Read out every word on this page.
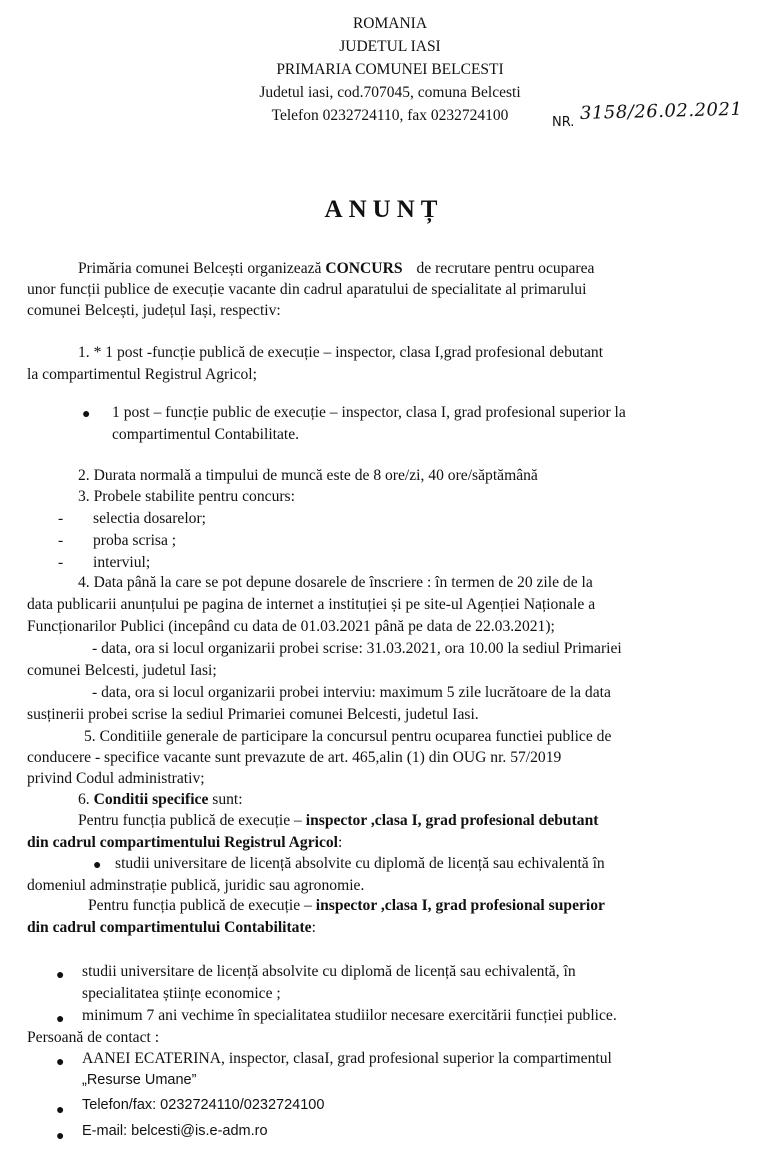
ROMANIA
JUDETUL IASI
PRIMARIA COMUNEI BELCESTI
Judetul iasi, cod.707045, comuna Belcesti
Telefon 0232724110, fax 0232724100	NR. 3158/26.02.2021
ANUNȚ
Primăria comunei Belcești organizează CONCURS de recrutare pentru ocuparea
unor funcții publice de execuție vacante din cadrul aparatului de specialitate al primarului
comunei Belcești, județul Iași, respectiv:
1. * 1 post -funcție publică de execuție – inspector, clasa I,grad profesional debutant
la compartimentul Registrul Agricol;
● 1 post – funcție public de execuție – inspector, clasa I, grad profesional superior la
compartimentul Contabilitate.
2. Durata normală a timpului de muncă este de 8 ore/zi, 40 ore/săptămână
3. Probele stabilite pentru concurs:
- selectia dosarelor;
- proba scrisa ;
- interviul;
4. Data până la care se pot depune dosarele de înscriere : în termen de 20 zile de la
data publicarii anunțului pe pagina de internet a instituției și pe site-ul Agenției Naționale a
Funcționarilor Publici (incepând cu data de 01.03.2021 până pe data de 22.03.2021);
- data, ora si locul organizarii probei scrise: 31.03.2021, ora 10.00 la sediul Primariei
comunei Belcesti, judetul Iasi;
- data, ora si locul organizarii probei interviu: maximum 5 zile lucrătoare de la data
susținerii probei scrise la sediul Primariei comunei Belcesti, judetul Iasi.
5. Conditiile generale de participare la concursul pentru ocuparea functiei publice de
conducere - specifice vacante sunt prevazute de art. 465,alin (1) din OUG nr. 57/2019
privind Codul administrativ;
6. Conditii specifice sunt:
Pentru funcția publică de execuție – inspector ,clasa I, grad profesional debutant
din cadrul compartimentului Registrul Agricol:
● studii universitare de licență absolvite cu diplomă de licență sau echivalentă în
domeniul adminstrație publică, juridic sau agronomie.
Pentru funcția publică de execuție – inspector ,clasa I, grad profesional superior
din cadrul compartimentului Contabilitate:
● studii universitare de licență absolvite cu diplomă de licență sau echivalentă, în
specialitatea științe economice ;
● minimum 7 ani vechime în specialitatea studiilor necesare exercitării funcției publice.
Persoană de contact :
● AANEI ECATERINA, inspector, clasaI, grad profesional superior la compartimentul
„Resurse Umane”
● Telefon/fax: 0232724110/0232724100
● E-mail: belcesti@is.e-adm.ro
